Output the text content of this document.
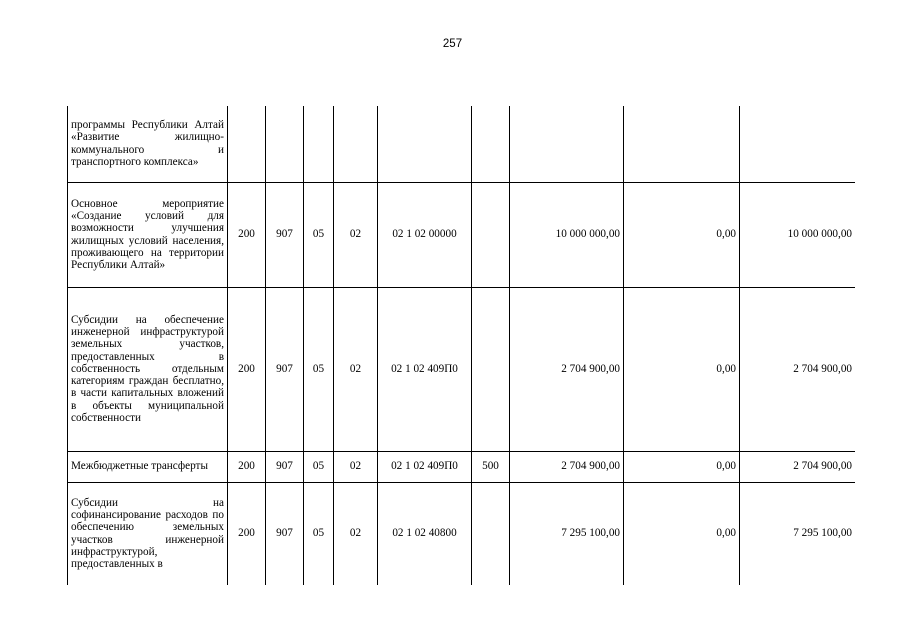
257
программы Республики Алтай «Развитие жилищно-коммунального и транспортного комплекса»									
Основное мероприятие «Создание условий для возможности улучшения жилищных условий населения, проживающего на территории Республики Алтай»	200	907	05	02	02 1 02 00000		10 000 000,00	0,00	10 000 000,00
Субсидии на обеспечение инженерной инфраструктурой земельных участков, предоставленных в собственность отдельным категориям граждан бесплатно, в части капитальных вложений в объекты муниципальной собственности	200	907	05	02	02 1 02 409П0		2 704 900,00	0,00	2 704 900,00
Межбюджетные трансферты	200	907	05	02	02 1 02 409П0	500	2 704 900,00	0,00	2 704 900,00
Субсидии на софинансирование расходов по обеспечению земельных участков инженерной инфраструктурой, предоставленных в	200	907	05	02	02 1 02 40800		7 295 100,00	0,00	7 295 100,00
